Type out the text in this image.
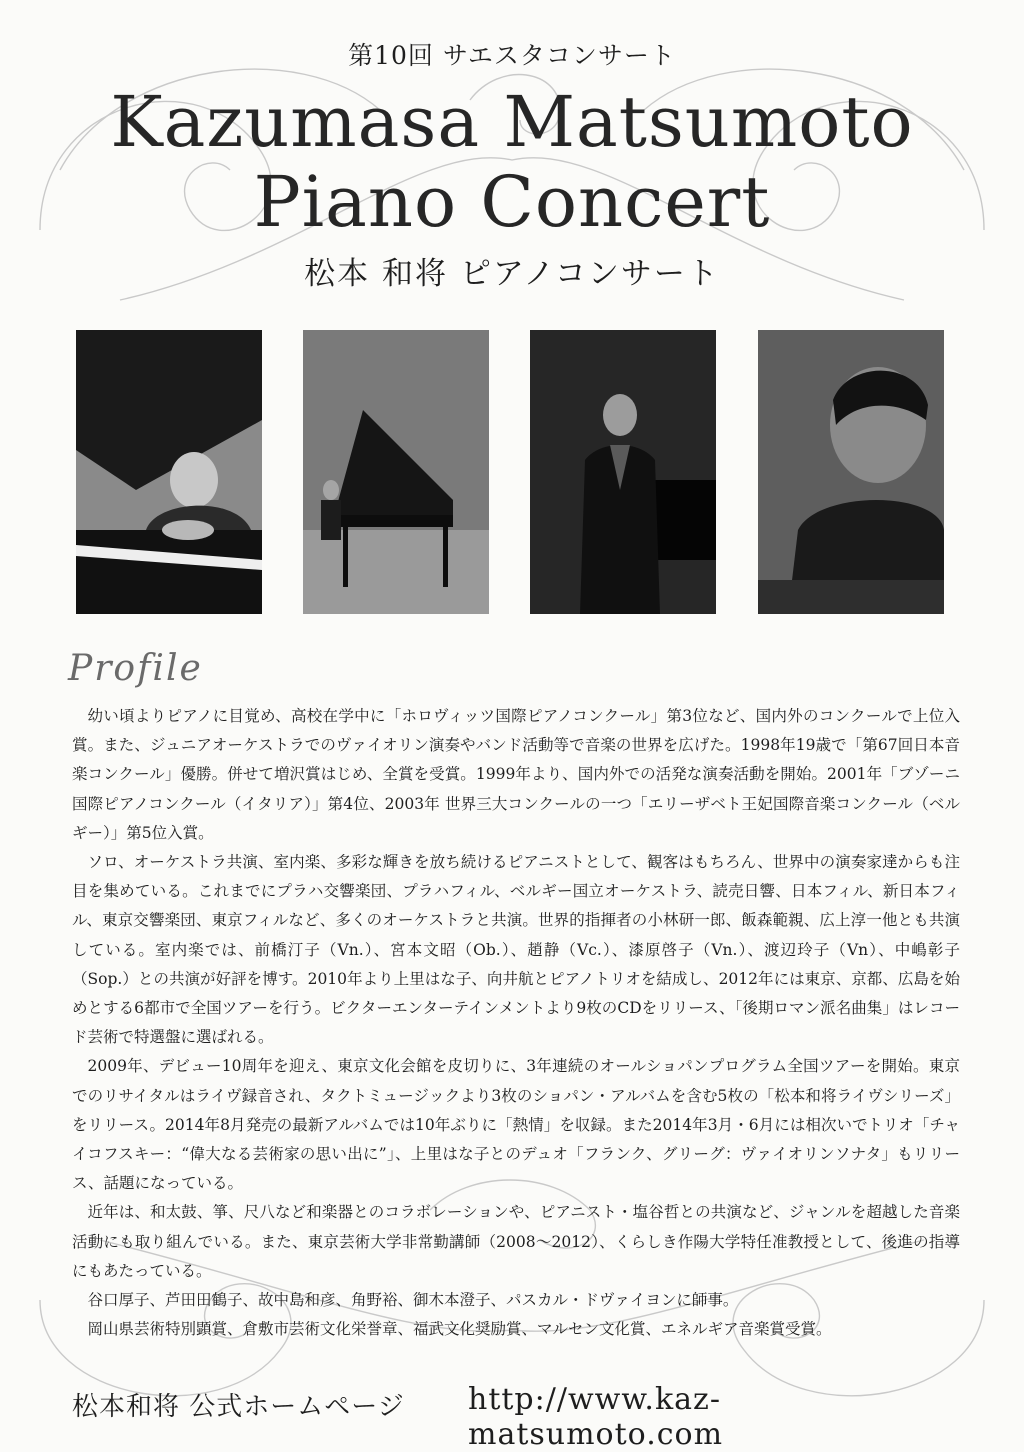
第10回 サエスタコンサート
Kazumasa Matsumoto
Piano Concert
松本 和将 ピアノコンサート
Profile

幼い頃よりピアノに目覚め、高校在学中に「ホロヴィッツ国際ピアノコンクール」第3位など、国内外のコンクールで上位入賞。また、ジュニアオーケストラでのヴァイオリン演奏やバンド活動等で音楽の世界を広げた。1998年19歳で「第67回日本音楽コンクール」優勝。併せて増沢賞はじめ、全賞を受賞。1999年より、国内外での活発な演奏活動を開始。2001年「ブゾーニ国際ピアノコンクール（イタリア）」第4位、2003年 世界三大コンクールの一つ「エリーザベト王妃国際音楽コンクール（ベルギー）」第5位入賞。

ソロ、オーケストラ共演、室内楽、多彩な輝きを放ち続けるピアニストとして、観客はもちろん、世界中の演奏家達からも注目を集めている。これまでにプラハ交響楽団、プラハフィル、ベルギー国立オーケストラ、読売日響、日本フィル、新日本フィル、東京交響楽団、東京フィルなど、多くのオーケストラと共演。世界的指揮者の小林研一郎、飯森範親、広上淳一他とも共演している。室内楽では、前橋汀子（Vn.）、宮本文昭（Ob.）、趙静（Vc.）、漆原啓子（Vn.）、渡辺玲子（Vn）、中嶋彰子（Sop.）との共演が好評を博す。2010年より上里はな子、向井航とピアノトリオを結成し、2012年には東京、京都、広島を始めとする6都市で全国ツアーを行う。ビクターエンターテインメントより9枚のCDをリリース、「後期ロマン派名曲集」はレコード芸術で特選盤に選ばれる。

2009年、デビュー10周年を迎え、東京文化会館を皮切りに、3年連続のオールショパンプログラム全国ツアーを開始。東京でのリサイタルはライヴ録音され、タクトミュージックより3枚のショパン・アルバムを含む5枚の「松本和将ライヴシリーズ」をリリース。2014年8月発売の最新アルバムでは10年ぶりに「熱情」を収録。また2014年3月・6月には相次いでトリオ「チャイコフスキー：“偉大なる芸術家の思い出に”」、上里はな子とのデュオ「フランク、グリーグ：ヴァイオリンソナタ」もリリース、話題になっている。

近年は、和太鼓、箏、尺八など和楽器とのコラボレーションや、ピアニスト・塩谷哲との共演など、ジャンルを超越した音楽活動にも取り組んでいる。また、東京芸術大学非常勤講師（2008～2012）、くらしき作陽大学特任准教授として、後進の指導にもあたっている。

谷口厚子、芦田田鶴子、故中島和彦、角野裕、御木本澄子、パスカル・ドヴァイヨンに師事。

岡山県芸術特別顕賞、倉敷市芸術文化栄誉章、福武文化奨励賞、マルセン文化賞、エネルギア音楽賞受賞。

松本和将 公式ホームページ http://www.kaz-matsumoto.com
